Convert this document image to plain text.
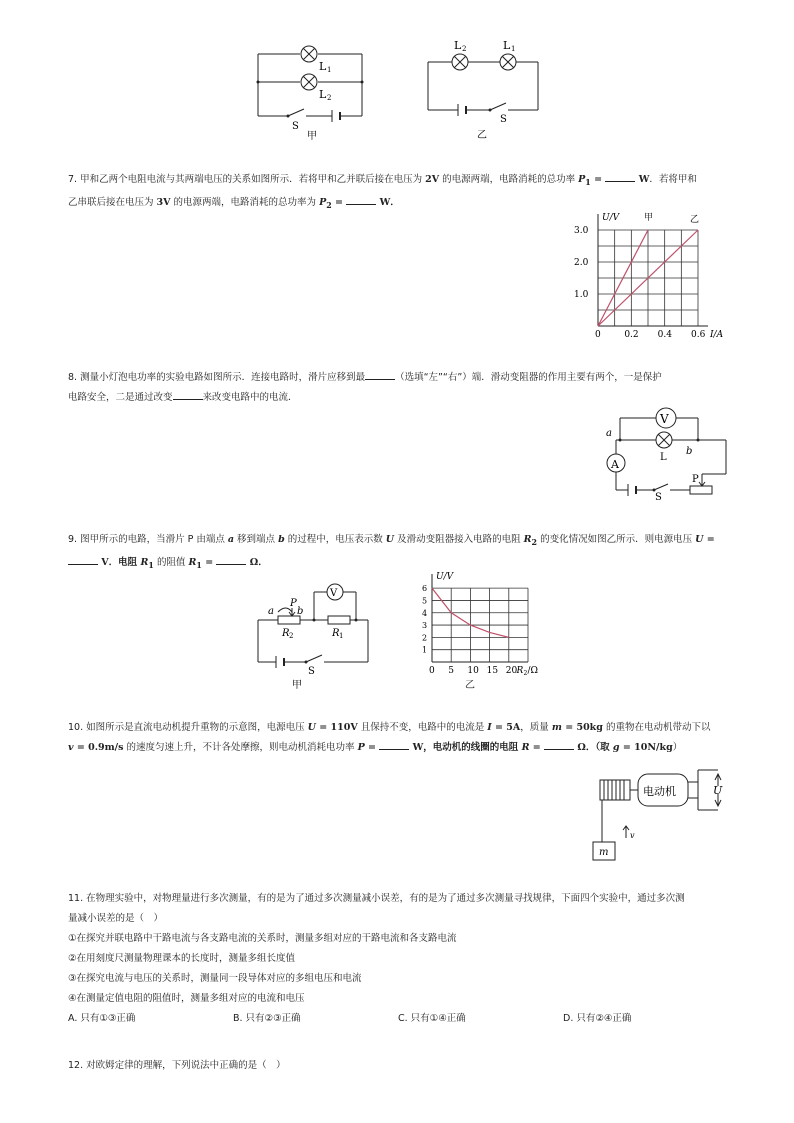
L 1
L 2
S
甲
L 2	L 1
S
乙

7. 甲和乙两个电阻电流与其两端电压的关系如图所示．若将甲和乙并联后接在电压为 2V 的电源两端，电路消耗的总功率 $P_1$ =	W．若将甲和

乙串联后接在电压为 3V 的电源两端，电路消耗的总功率为 $P_2$ =	W．

0	0.2 0.4 0.6
1.0
2.0
3.0
U/V
I/A
甲	乙

8. 测量小灯泡电功率的实验电路如图所示．连接电路时，滑片应移到最	（选填“左”“右”）端．滑动变阻器的作用主要有两个，一是保护

电路安全，二是通过改变	来改变电路中的电流．

V
A
L
S
P
a
b

9. 图甲所示的电路，当滑片 P 由端点 a 移到端点 b 的过程中，电压表示数 U 及滑动变阻器接入电路的电阻 $R_2$ 的变化情况如图乙所示．则电源电压 U =

V．电阻 $R_1$ 的阻值 $R_1$ =	Ω．

V
a
P
b
R 2	R 1
S
甲
0 5 10 15 20
1
2
3
4
5
6
U/V
R 2 /Ω
乙

10. 如图所示是直流电动机提升重物的示意图，电源电压 U = 110V 且保持不变，电路中的电流是 I = 5A，质量 m = 50kg 的重物在电动机带动下以

v = 0.9m/s 的速度匀速上升，不计各处摩擦，则电动机消耗电功率 P =	W，电动机的线圈的电阻 R =	Ω．（取 g = 10N/kg）

电动机	U
v
m

11. 在物理实验中，对物理量进行多次测量，有的是为了通过多次测量减小误差，有的是为了通过多次测量寻找规律，下面四个实验中，通过多次测

量减小误差的是（　）

①在探究并联电路中干路电流与各支路电流的关系时，测量多组对应的干路电流和各支路电流

②在用刻度尺测量物理课本的长度时，测量多组长度值

③在探究电流与电压的关系时，测量同一段导体对应的多组电压和电流

④在测量定值电阻的阻值时，测量多组对应的电流和电压

A. 只有①③正确	B. 只有②③正确	C. 只有①④正确	D. 只有②④正确

12. 对欧姆定律的理解，下列说法中正确的是（　）
